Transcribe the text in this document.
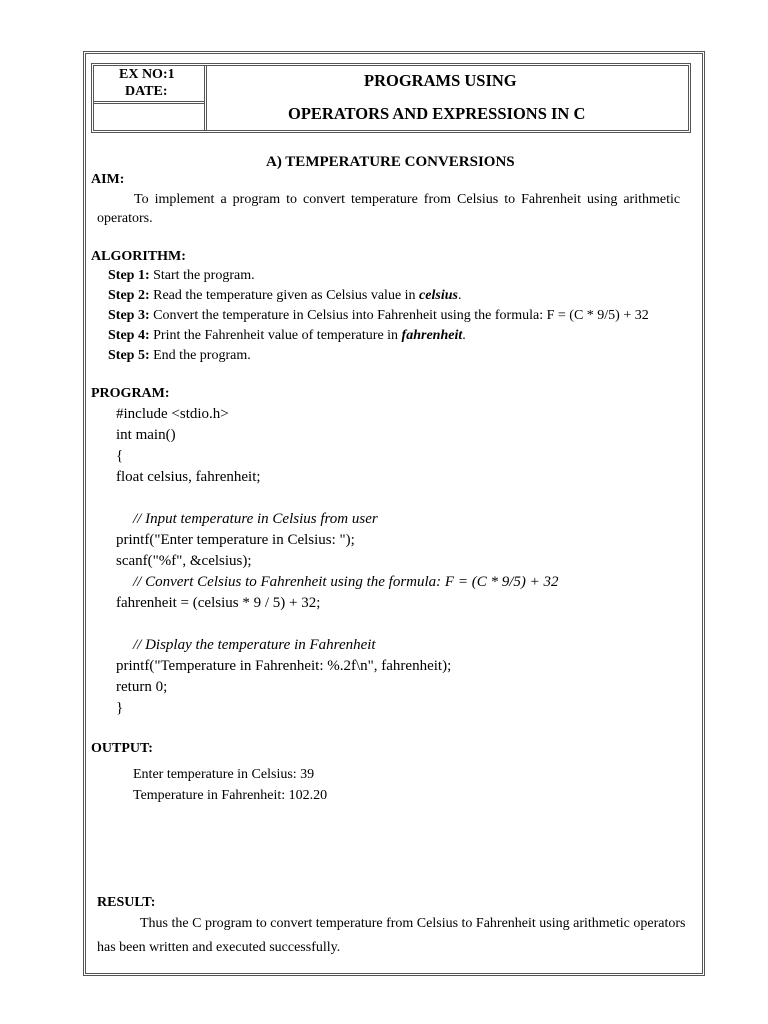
EX NO:1
DATE:
PROGRAMS USING
OPERATORS AND EXPRESSIONS IN C
A) TEMPERATURE CONVERSIONS
AIM:
To implement a program to convert temperature from Celsius to Fahrenheit using arithmetic
operators.
ALGORITHM:
Step 1: Start the program.
Step 2: Read the temperature given as Celsius value in celsius.
Step 3: Convert the temperature in Celsius into Fahrenheit using the formula: F = (C * 9/5) + 32
Step 4: Print the Fahrenheit value of temperature in fahrenheit.
Step 5: End the program.
PROGRAM:
#include <stdio.h>
int main()
{
float celsius, fahrenheit;
// Input temperature in Celsius from user
printf("Enter temperature in Celsius: ");
scanf("%f", &celsius);
// Convert Celsius to Fahrenheit using the formula: F = (C * 9/5) + 32
fahrenheit = (celsius * 9 / 5) + 32;
// Display the temperature in Fahrenheit
printf("Temperature in Fahrenheit: %.2f\n", fahrenheit);
return 0;
}
OUTPUT:
Enter temperature in Celsius: 39
Temperature in Fahrenheit: 102.20
RESULT:
Thus the C program to convert temperature from Celsius to Fahrenheit using arithmetic operators
has been written and executed successfully.
